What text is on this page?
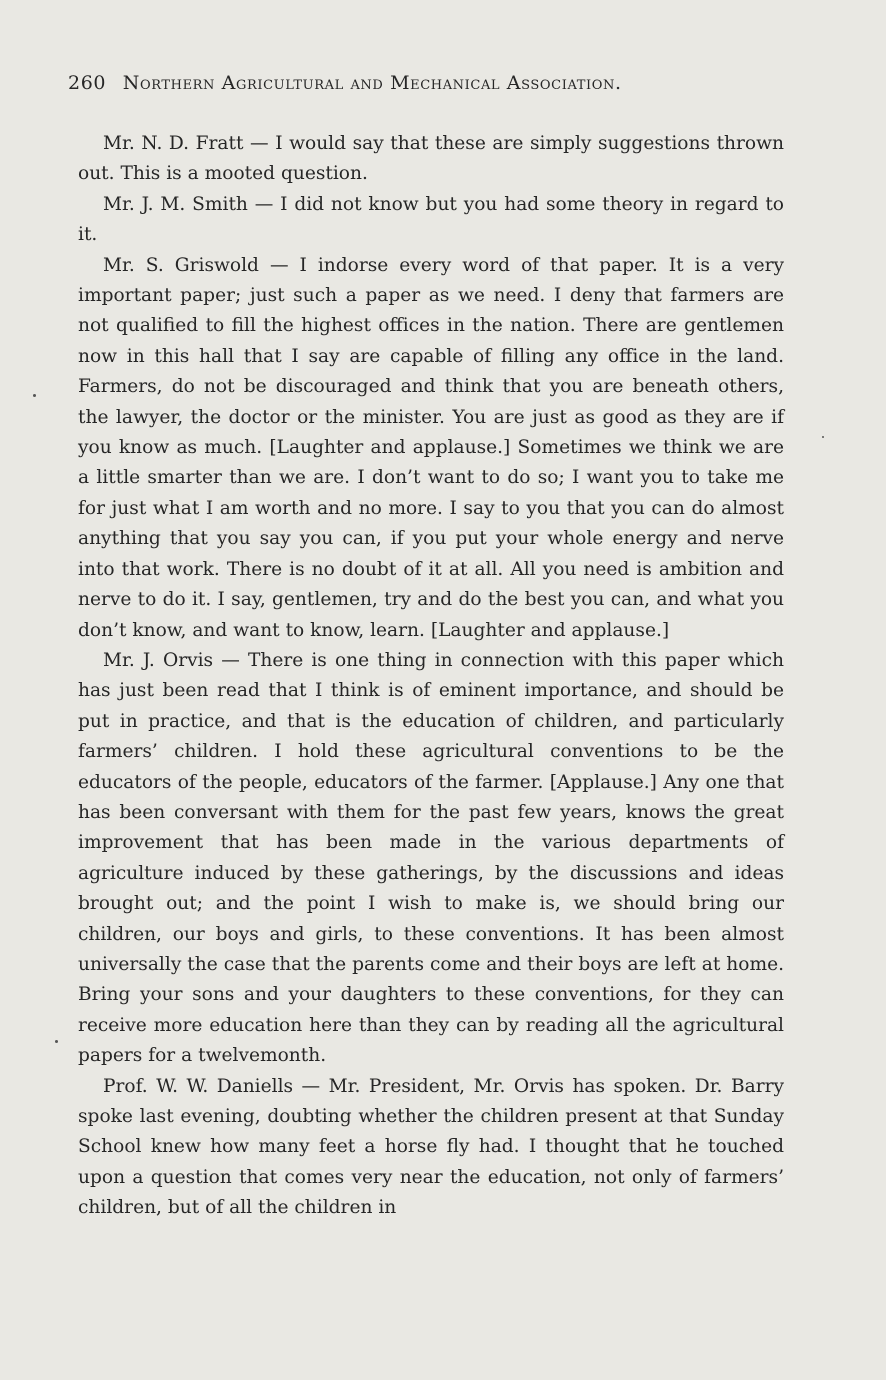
260 Northern Agricultural and Mechanical Association.

Mr. N. D. Fratt — I would say that these are simply suggestions thrown out. This is a mooted question.

Mr. J. M. Smith — I did not know but you had some theory in regard to it.

Mr. S. Griswold — I indorse every word of that paper. It is a very important paper; just such a paper as we need. I deny that farmers are not qualified to fill the highest offices in the nation. There are gentlemen now in this hall that I say are capable of filling any office in the land. Farmers, do not be discouraged and think that you are beneath others, the lawyer, the doctor or the minister. You are just as good as they are if you know as much. [Laughter and applause.] Sometimes we think we are a little smarter than we are. I don’t want to do so; I want you to take me for just what I am worth and no more. I say to you that you can do almost anything that you say you can, if you put your whole energy and nerve into that work. There is no doubt of it at all. All you need is ambition and nerve to do it. I say, gentlemen, try and do the best you can, and what you don’t know, and want to know, learn. [Laughter and applause.]

Mr. J. Orvis — There is one thing in connection with this paper which has just been read that I think is of eminent importance, and should be put in practice, and that is the education of children, and particularly farmers’ children. I hold these agricultural conventions to be the educators of the people, educators of the farmer. [Applause.] Any one that has been conversant with them for the past few years, knows the great improvement that has been made in the various departments of agriculture induced by these gatherings, by the discussions and ideas brought out; and the point I wish to make is, we should bring our children, our boys and girls, to these conventions. It has been almost universally the case that the parents come and their boys are left at home. Bring your sons and your daughters to these conventions, for they can receive more education here than they can by reading all the agricultural papers for a twelvemonth.

Prof. W. W. Daniells — Mr. President, Mr. Orvis has spoken. Dr. Barry spoke last evening, doubting whether the children present at that Sunday School knew how many feet a horse fly had. I thought that he touched upon a question that comes very near the education, not only of farmers’ children, but of all the children in
